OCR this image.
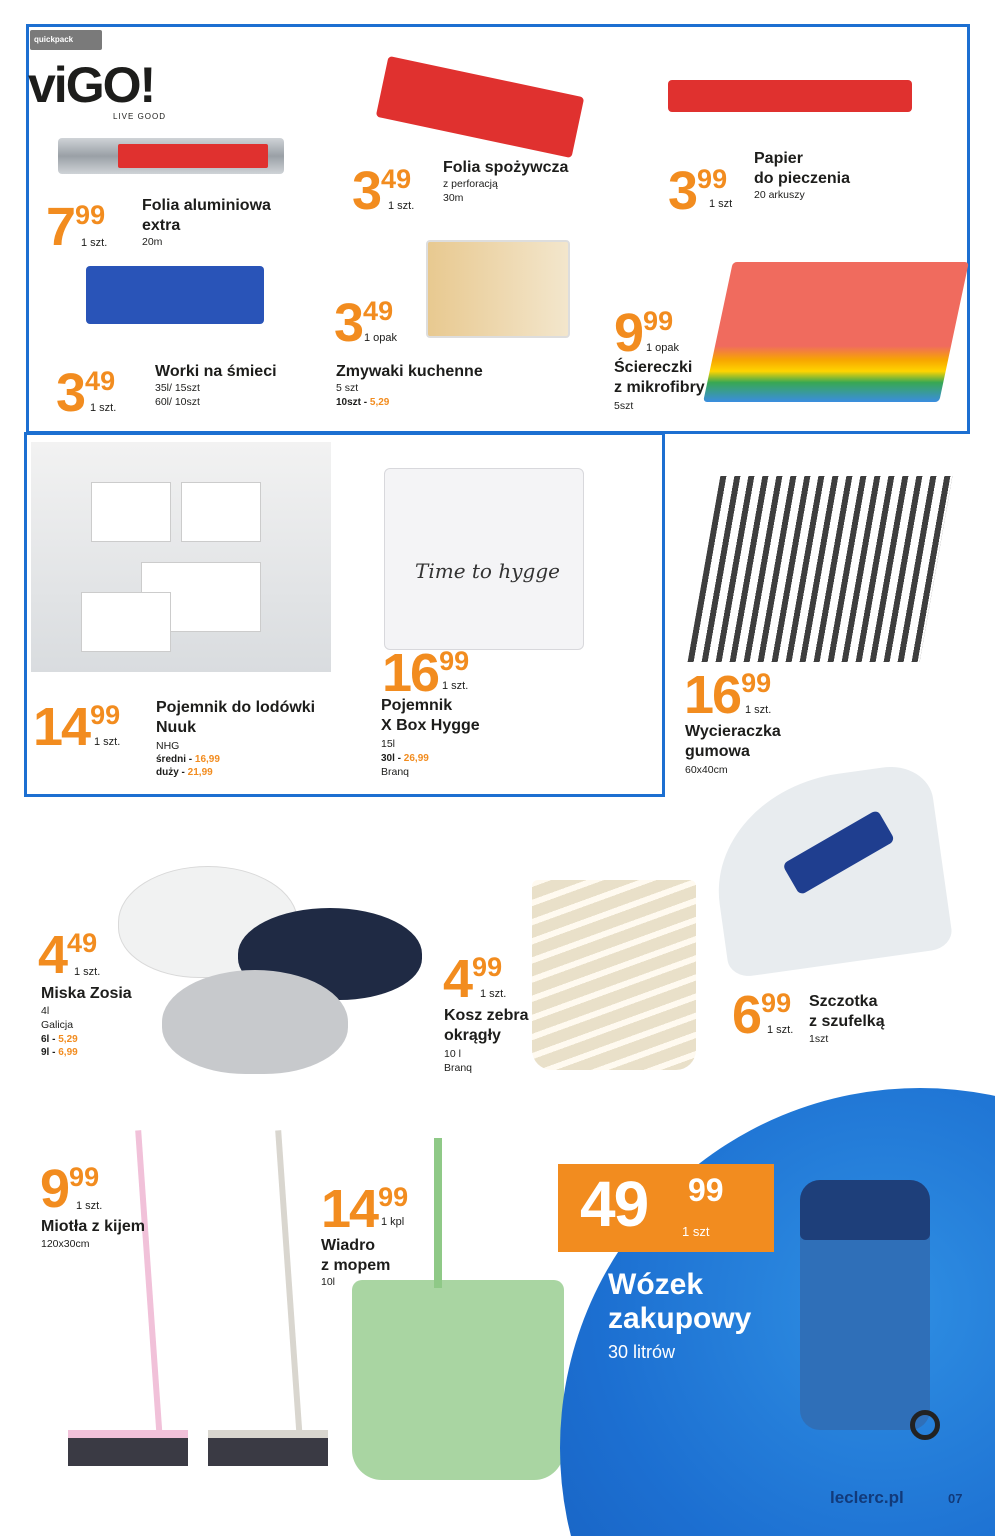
quickpack
viGO!
LIVE GOOD
Time to hygge
49 99
1 szt
Wózek
zakupowy
30 litrów
799
1 szt.
Folia aluminiowa
extra
20m
349
1 szt.
Folia spożywcza
z perforacją
30m	399
1 szt
Papier
do pieczenia
20 arkuszy
349
1 szt.
Worki na śmieci
35l/ 15szt
60l/ 10szt
349
1 opak
Zmywaki kuchenne
5 szt
10szt - 5,29
999
1 opak
Ściereczki
z mikrofibry
5szt
1499
1 szt.
Pojemnik do lodówki
Nuuk
NHG
średni - 16,99
duży - 21,99
1699
1 szt.
Pojemnik
X Box Hygge
15l
30l - 26,99
Branq
1699
1 szt.
Wycieraczka
gumowa
60x40cm
449
1 szt.
Miska Zosia
4l
Galicja
6l - 5,29
9l - 6,99
499
1 szt.
Kosz zebra
okrągły
10 l
Branq
699
1 szt.
Szczotka
z szufelką
1szt
999
1 szt.
Miotła z kijem
120x30cm
1499
1 kpl
Wiadro
z mopem
10l
leclerc.pl	07
